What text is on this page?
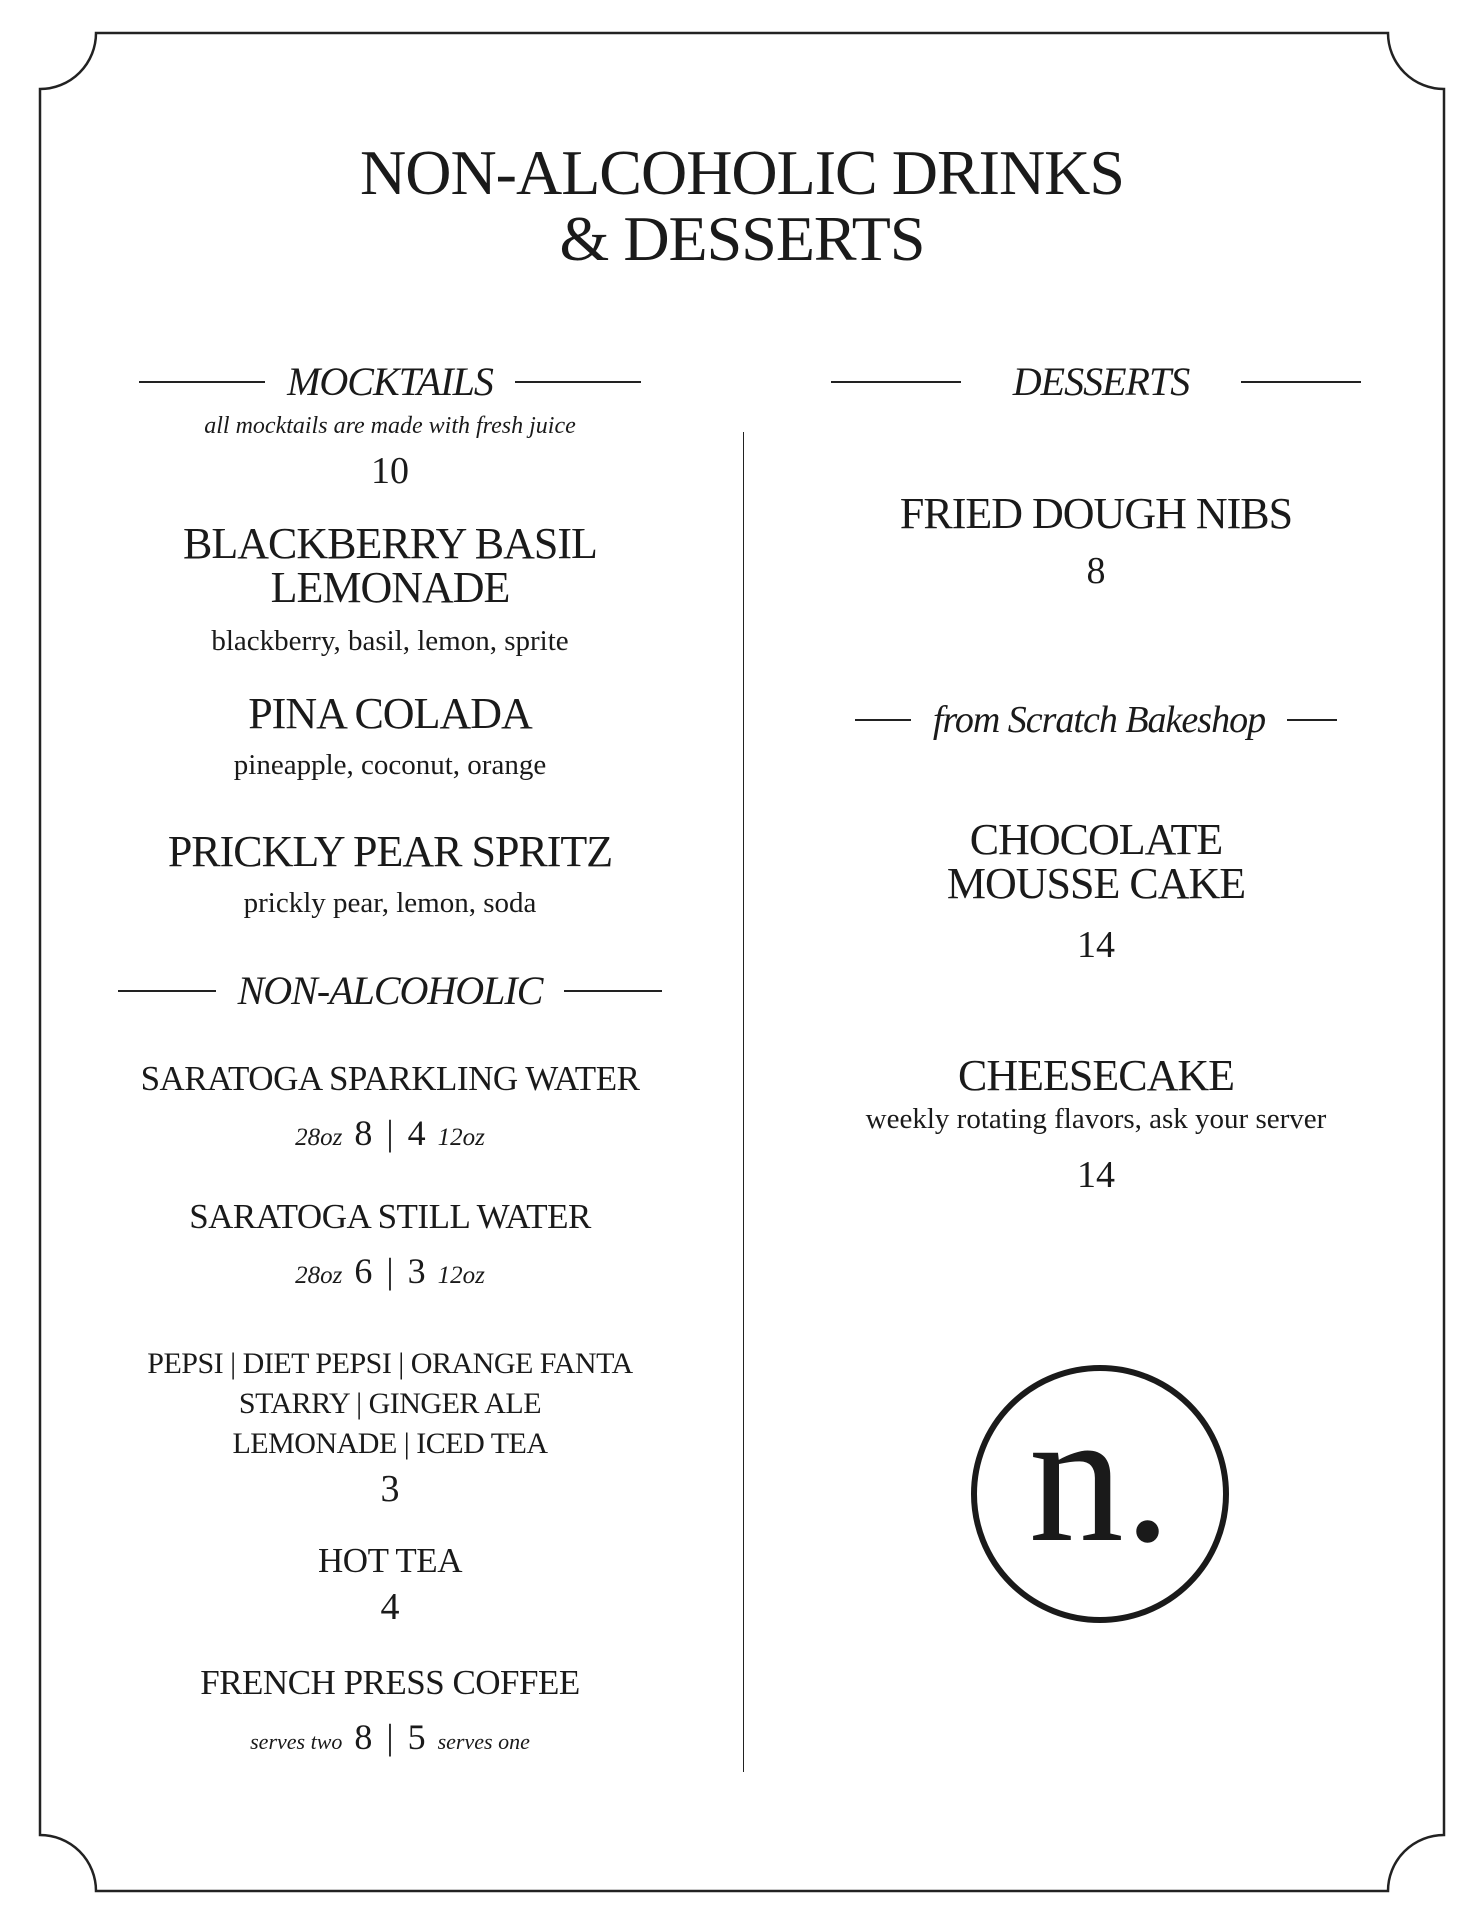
NON-ALCOHOLIC DRINKS
& DESSERTS
MOCKTAILS
all mocktails are made with fresh juice
10
BLACKBERRY BASIL
LEMONADE
blackberry, basil, lemon, sprite
PINA COLADA
pineapple, coconut, orange
PRICKLY PEAR SPRITZ
prickly pear, lemon, soda
NON-ALCOHOLIC
SARATOGA SPARKLING WATER
28oz 8 | 4 12oz
SARATOGA STILL WATER
28oz 6 | 3 12oz
PEPSI | DIET PEPSI | ORANGE FANTA
STARRY | GINGER ALE
LEMONADE | ICED TEA
3
HOT TEA
4
FRENCH PRESS COFFEE
serves two 8 | 5 serves one
DESSERTS
FRIED DOUGH NIBS
8
from Scratch Bakeshop
CHOCOLATE
MOUSSE CAKE
14
CHEESECAKE
weekly rotating flavors, ask your server
14
n.
